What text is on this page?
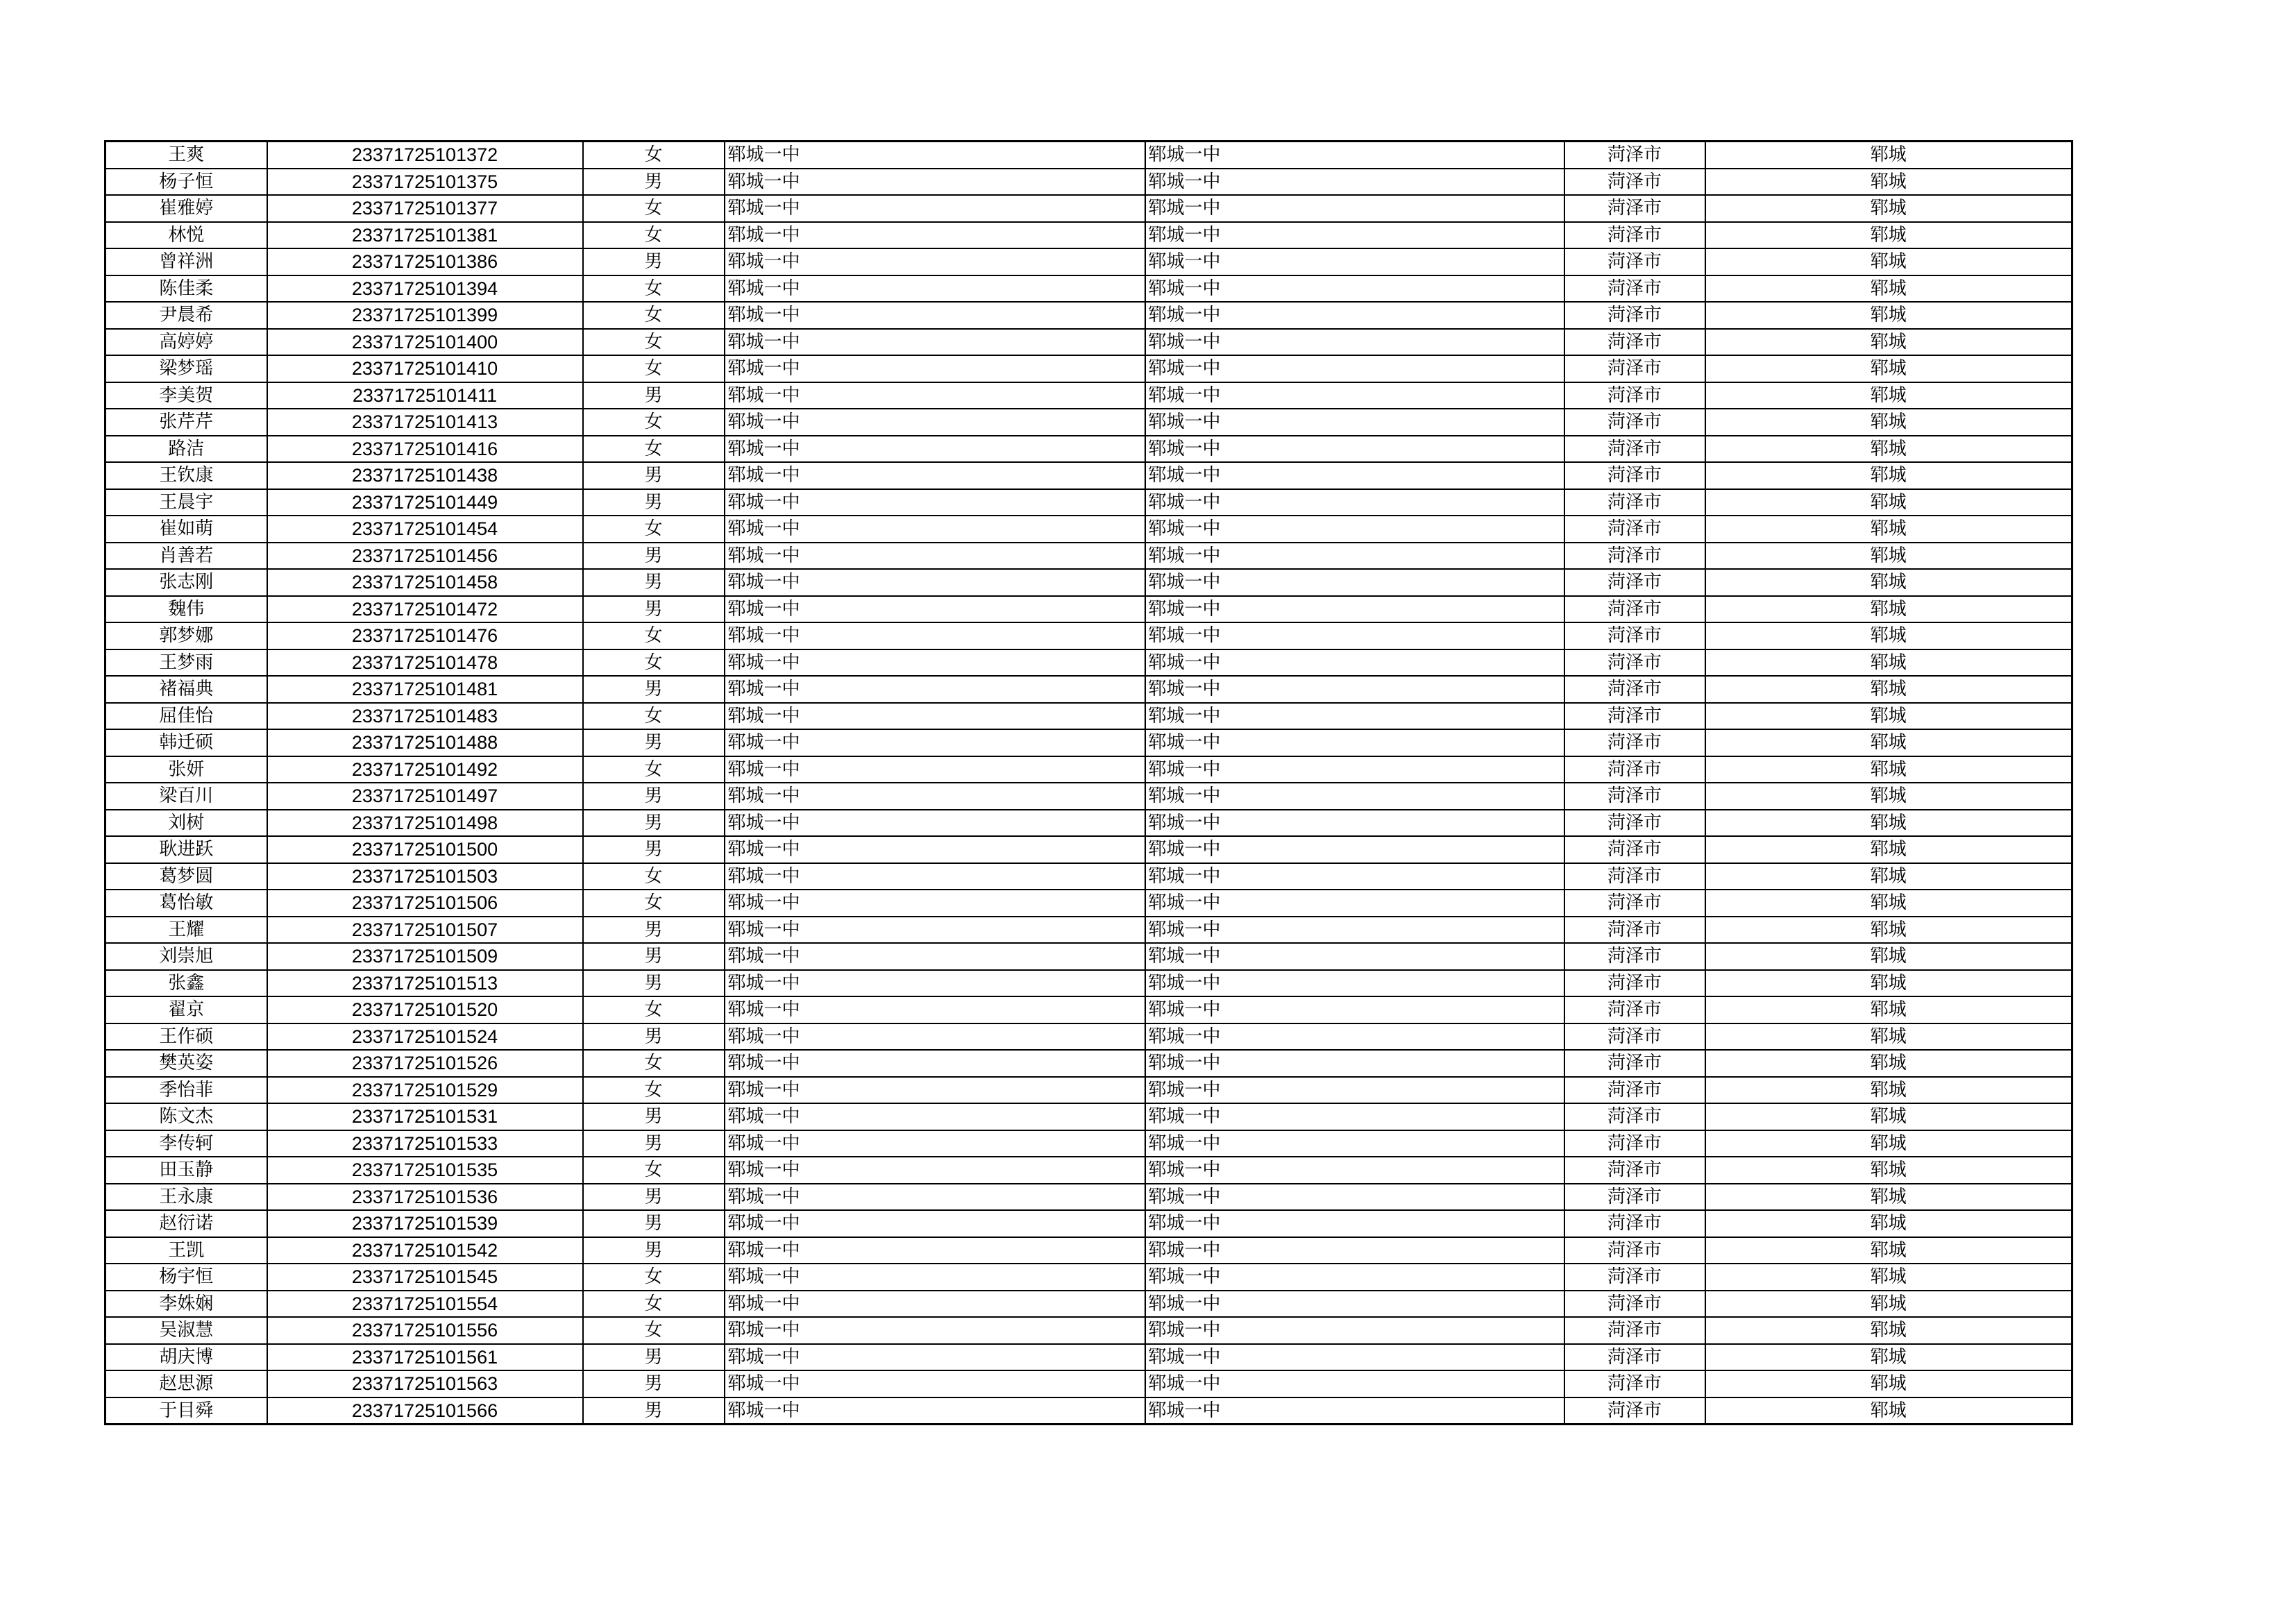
王爽	23371725101372	女	郓城一中	郓城一中	菏泽市	郓城
杨子恒	23371725101375	男	郓城一中	郓城一中	菏泽市	郓城
崔雅婷	23371725101377	女	郓城一中	郓城一中	菏泽市	郓城
林悦	23371725101381	女	郓城一中	郓城一中	菏泽市	郓城
曾祥洲	23371725101386	男	郓城一中	郓城一中	菏泽市	郓城
陈佳柔	23371725101394	女	郓城一中	郓城一中	菏泽市	郓城
尹晨希	23371725101399	女	郓城一中	郓城一中	菏泽市	郓城
高婷婷	23371725101400	女	郓城一中	郓城一中	菏泽市	郓城
梁梦瑶	23371725101410	女	郓城一中	郓城一中	菏泽市	郓城
李美贺	23371725101411	男	郓城一中	郓城一中	菏泽市	郓城
张芹芹	23371725101413	女	郓城一中	郓城一中	菏泽市	郓城
路洁	23371725101416	女	郓城一中	郓城一中	菏泽市	郓城
王钦康	23371725101438	男	郓城一中	郓城一中	菏泽市	郓城
王晨宇	23371725101449	男	郓城一中	郓城一中	菏泽市	郓城
崔如萌	23371725101454	女	郓城一中	郓城一中	菏泽市	郓城
肖善若	23371725101456	男	郓城一中	郓城一中	菏泽市	郓城
张志刚	23371725101458	男	郓城一中	郓城一中	菏泽市	郓城
魏伟	23371725101472	男	郓城一中	郓城一中	菏泽市	郓城
郭梦娜	23371725101476	女	郓城一中	郓城一中	菏泽市	郓城
王梦雨	23371725101478	女	郓城一中	郓城一中	菏泽市	郓城
褚福典	23371725101481	男	郓城一中	郓城一中	菏泽市	郓城
屈佳怡	23371725101483	女	郓城一中	郓城一中	菏泽市	郓城
韩迁硕	23371725101488	男	郓城一中	郓城一中	菏泽市	郓城
张妍	23371725101492	女	郓城一中	郓城一中	菏泽市	郓城
梁百川	23371725101497	男	郓城一中	郓城一中	菏泽市	郓城
刘树	23371725101498	男	郓城一中	郓城一中	菏泽市	郓城
耿进跃	23371725101500	男	郓城一中	郓城一中	菏泽市	郓城
葛梦圆	23371725101503	女	郓城一中	郓城一中	菏泽市	郓城
葛怡敏	23371725101506	女	郓城一中	郓城一中	菏泽市	郓城
王耀	23371725101507	男	郓城一中	郓城一中	菏泽市	郓城
刘崇旭	23371725101509	男	郓城一中	郓城一中	菏泽市	郓城
张鑫	23371725101513	男	郓城一中	郓城一中	菏泽市	郓城
翟京	23371725101520	女	郓城一中	郓城一中	菏泽市	郓城
王作硕	23371725101524	男	郓城一中	郓城一中	菏泽市	郓城
樊英姿	23371725101526	女	郓城一中	郓城一中	菏泽市	郓城
季怡菲	23371725101529	女	郓城一中	郓城一中	菏泽市	郓城
陈文杰	23371725101531	男	郓城一中	郓城一中	菏泽市	郓城
李传轲	23371725101533	男	郓城一中	郓城一中	菏泽市	郓城
田玉静	23371725101535	女	郓城一中	郓城一中	菏泽市	郓城
王永康	23371725101536	男	郓城一中	郓城一中	菏泽市	郓城
赵衍诺	23371725101539	男	郓城一中	郓城一中	菏泽市	郓城
王凯	23371725101542	男	郓城一中	郓城一中	菏泽市	郓城
杨宇恒	23371725101545	女	郓城一中	郓城一中	菏泽市	郓城
李姝娴	23371725101554	女	郓城一中	郓城一中	菏泽市	郓城
吴淑慧	23371725101556	女	郓城一中	郓城一中	菏泽市	郓城
胡庆博	23371725101561	男	郓城一中	郓城一中	菏泽市	郓城
赵思源	23371725101563	男	郓城一中	郓城一中	菏泽市	郓城
于目舜	23371725101566	男	郓城一中	郓城一中	菏泽市	郓城
